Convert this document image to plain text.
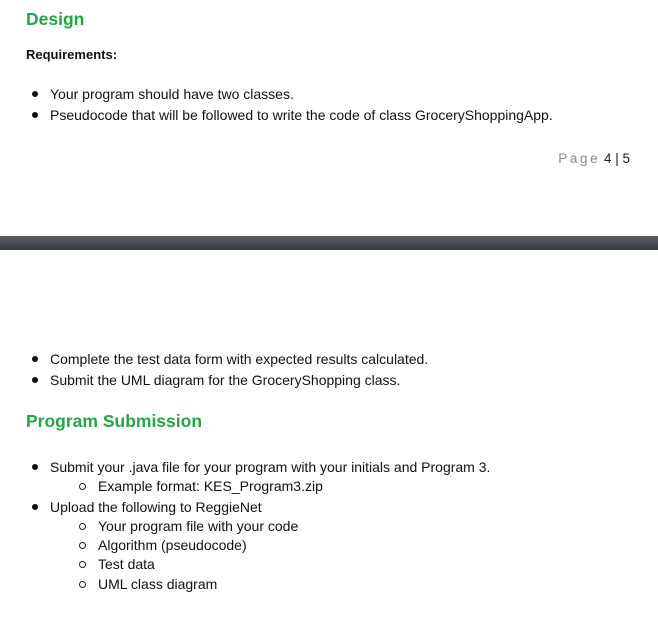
Design
Requirements:
Your program should have two classes.
Pseudocode that will be followed to write the code of class GroceryShoppingApp.
Page 4 | 5
Complete the test data form with expected results calculated.
Submit the UML diagram for the GroceryShopping class.
Program Submission
Submit your .java file for your program with your initials and Program 3.
Example format: KES_Program3.zip
Upload the following to ReggieNet
Your program file with your code
Algorithm (pseudocode)
Test data
UML class diagram
